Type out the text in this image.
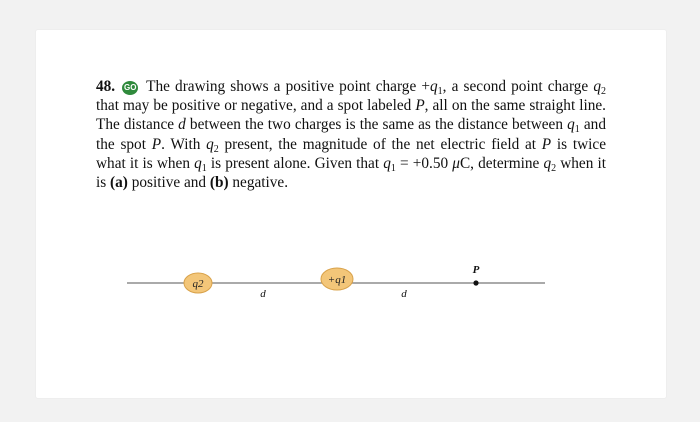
48. GO The drawing shows a positive point charge $+q_1$, a second point charge $q_2$ that may be positive or negative, and a spot labeled P, all on the same straight line. The distance d between the two charges is the same as the distance between $q_1$ and the spot P. With $q_2$ present, the magnitude of the net electric field at P is twice what it is when $q_1$ is present alone. Given that $q_1 = +0.50$ μC, determine $q_2$ when it is (a) positive and (b) negative.
q2	+q1
P
d	d
